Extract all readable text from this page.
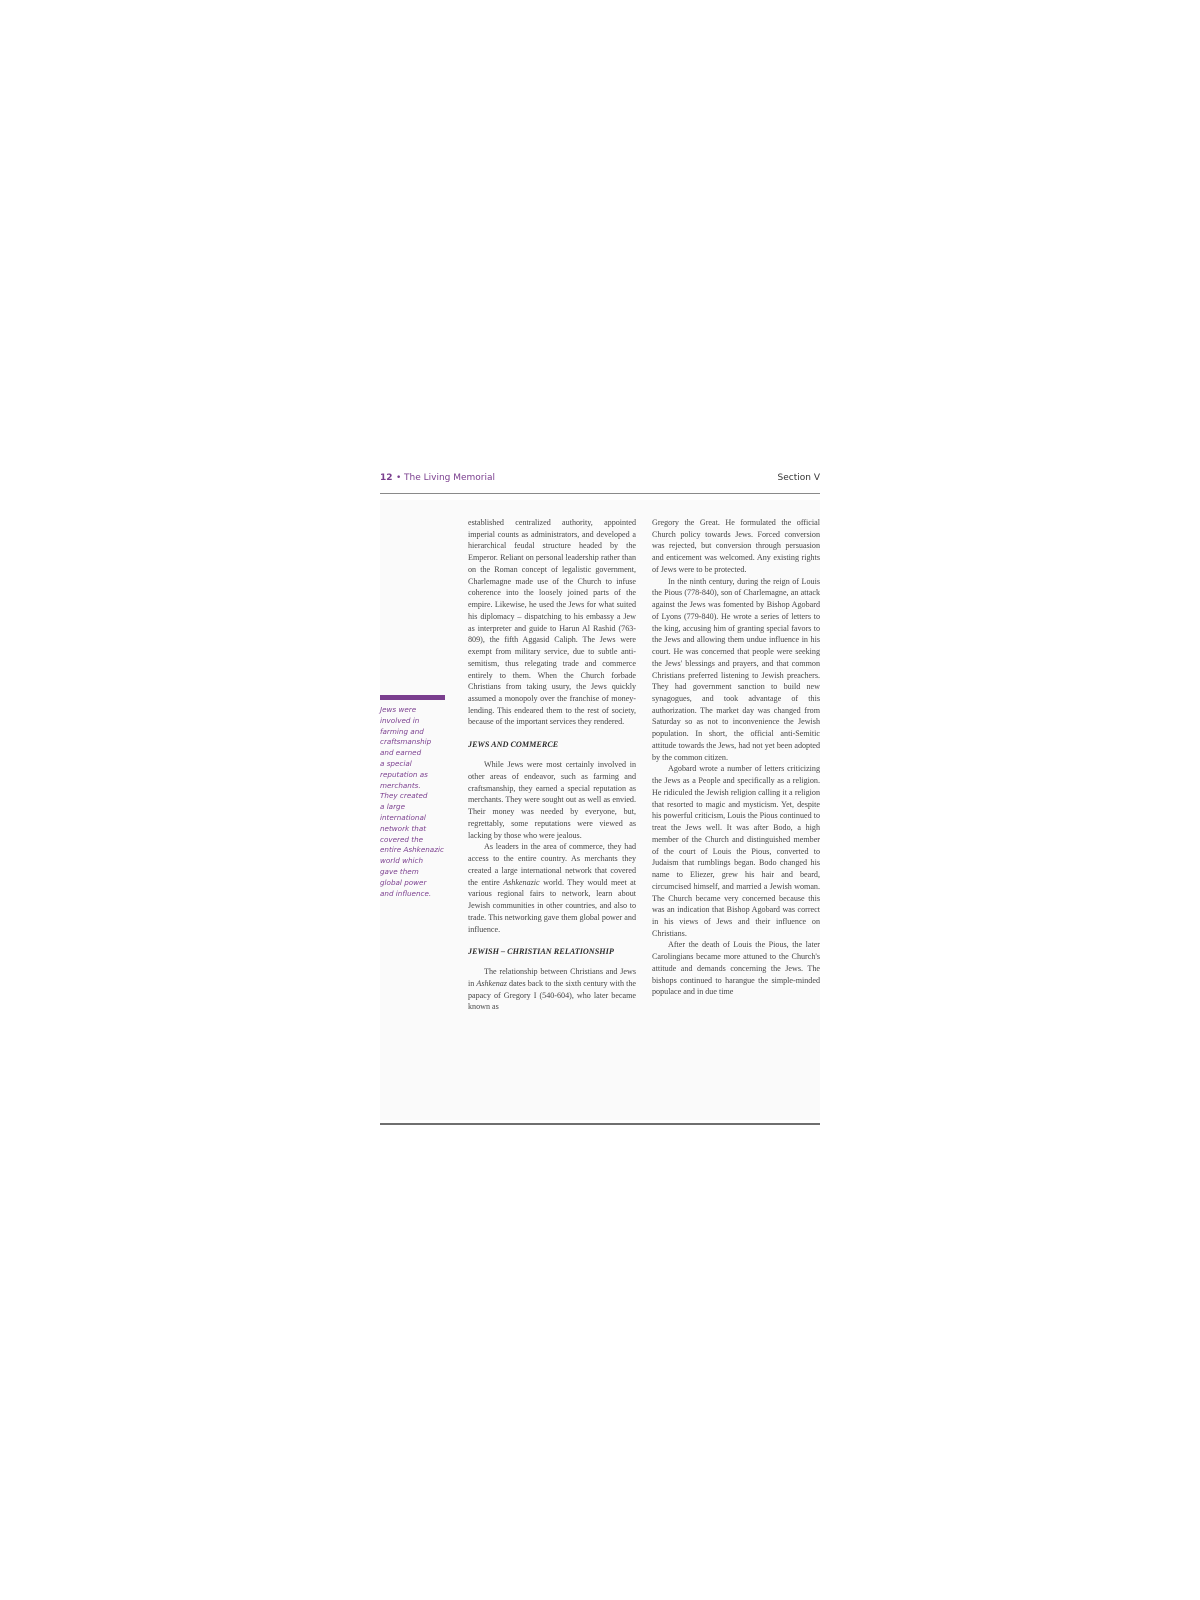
12 • The Living Memorial	Section V
Jews were
involved in
farming and
craftsmanship
and earned
a special
reputation as
merchants.
They created
a large
international
network that
covered the
entire Ashkenazic
world which
gave them
global power
and influence.

established centralized authority, appointed imperial counts as administrators, and developed a hierarchical feudal structure headed by the Emperor. Reliant on personal leadership rather than on the Roman concept of legalistic government, Charlemagne made use of the Church to infuse coherence into the loosely joined parts of the empire. Likewise, he used the Jews for what suited his diplomacy – dispatching to his embassy a Jew as interpreter and guide to Harun Al Rashid (763-809), the fifth Aggasid Caliph. The Jews were exempt from military service, due to subtle anti-semitism, thus relegating trade and commerce entirely to them. When the Church forbade Christians from taking usury, the Jews quickly assumed a monopoly over the franchise of money-lending. This endeared them to the rest of society, because of the important services they rendered.

JEWS AND COMMERCE

While Jews were most certainly involved in other areas of endeavor, such as farming and craftsmanship, they earned a special reputation as merchants. They were sought out as well as envied. Their money was needed by everyone, but, regrettably, some reputations were viewed as lacking by those who were jealous.

As leaders in the area of commerce, they had access to the entire country. As merchants they created a large international network that covered the entire Ashkenazic world. They would meet at various regional fairs to network, learn about Jewish communities in other countries, and also to trade. This networking gave them global power and influence.

JEWISH – CHRISTIAN RELATIONSHIP

The relationship between Christians and Jews in Ashkenaz dates back to the sixth century with the papacy of Gregory I (540-604), who later became known as

Gregory the Great. He formulated the official Church policy towards Jews. Forced conversion was rejected, but conversion through persuasion and enticement was welcomed. Any existing rights of Jews were to be protected.

In the ninth century, during the reign of Louis the Pious (778-840), son of Charlemagne, an attack against the Jews was fomented by Bishop Agobard of Lyons (779-840). He wrote a series of letters to the king, accusing him of granting special favors to the Jews and allowing them undue influence in his court. He was concerned that people were seeking the Jews' blessings and prayers, and that common Christians preferred listening to Jewish preachers. They had government sanction to build new synagogues, and took advantage of this authorization. The market day was changed from Saturday so as not to inconvenience the Jewish population. In short, the official anti-Semitic attitude towards the Jews, had not yet been adopted by the common citizen.

Agobard wrote a number of letters criticizing the Jews as a People and specifically as a religion. He ridiculed the Jewish religion calling it a religion that resorted to magic and mysticism. Yet, despite his powerful criticism, Louis the Pious continued to treat the Jews well. It was after Bodo, a high member of the Church and distinguished member of the court of Louis the Pious, converted to Judaism that rumblings began. Bodo changed his name to Eliezer, grew his hair and beard, circumcised himself, and married a Jewish woman. The Church became very concerned because this was an indication that Bishop Agobard was correct in his views of Jews and their influence on Christians.

After the death of Louis the Pious, the later Carolingians became more attuned to the Church's attitude and demands concerning the Jews. The bishops continued to harangue the simple-minded populace and in due time
